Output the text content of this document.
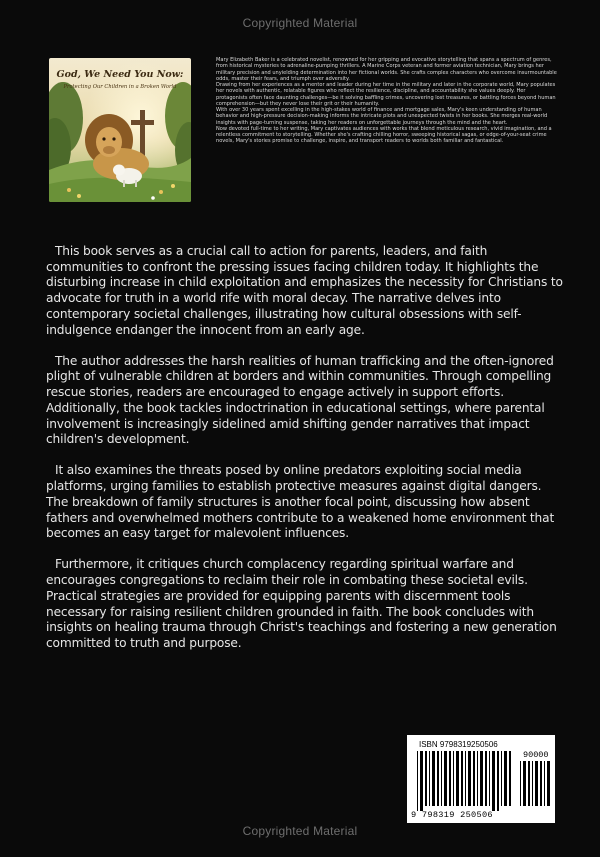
Copyrighted Material
God, We Need You Now:
Protecting Our Children in a Broken World

Mary Elizabeth Baker is a celebrated novelist, renowned for her gripping and evocative storytelling that spans a spectrum of genres, from historical mysteries to adrenaline-pumping thrillers. A Marine Corps veteran and former aviation technician, Mary brings her military precision and unyielding determination into her fictional worlds. She crafts complex characters who overcome insurmountable odds, master their fears, and triumph over adversity.

Drawing from her experiences as a mentor and leader during her time in the military and later in the corporate world, Mary populates her novels with authentic, relatable figures who reflect the resilience, discipline, and accountability she values deeply. Her protagonists often face daunting challenges—be it solving baffling crimes, uncovering lost treasures, or battling forces beyond human comprehension—but they never lose their grit or their humanity.

With over 30 years spent excelling in the high-stakes world of finance and mortgage sales, Mary's keen understanding of human behavior and high-pressure decision-making informs the intricate plots and unexpected twists in her books. She merges real-world insights with page-turning suspense, taking her readers on unforgettable journeys through the mind and the heart.

Now devoted full-time to her writing, Mary captivates audiences with works that blend meticulous research, vivid imagination, and a relentless commitment to storytelling. Whether she's crafting chilling horror, sweeping historical sagas, or edge-of-your-seat crime novels, Mary's stories promise to challenge, inspire, and transport readers to worlds both familiar and fantastical.

This book serves as a crucial call to action for parents, leaders, and faith communities to confront the pressing issues facing children today. It highlights the disturbing increase in child exploitation and emphasizes the necessity for Christians to advocate for truth in a world rife with moral decay. The narrative delves into contemporary societal challenges, illustrating how cultural obsessions with self-indulgence endanger the innocent from an early age.

The author addresses the harsh realities of human trafficking and the often-ignored plight of vulnerable children at borders and within communities. Through compelling rescue stories, readers are encouraged to engage actively in support efforts. Additionally, the book tackles indoctrination in educational settings, where parental involvement is increasingly sidelined amid shifting gender narratives that impact children's development.

It also examines the threats posed by online predators exploiting social media platforms, urging families to establish protective measures against digital dangers. The breakdown of family structures is another focal point, discussing how absent fathers and overwhelmed mothers contribute to a weakened home environment that becomes an easy target for malevolent influences.

Furthermore, it critiques church complacency regarding spiritual warfare and encourages congregations to reclaim their role in combating these societal evils. Practical strategies are provided for equipping parents with discernment tools necessary for raising resilient children grounded in faith. The book concludes with insights on healing trauma through Christ's teachings and fostering a new generation committed to truth and purpose.

ISBN 9798319250506
90000
9 798319 250506
Copyrighted Material
